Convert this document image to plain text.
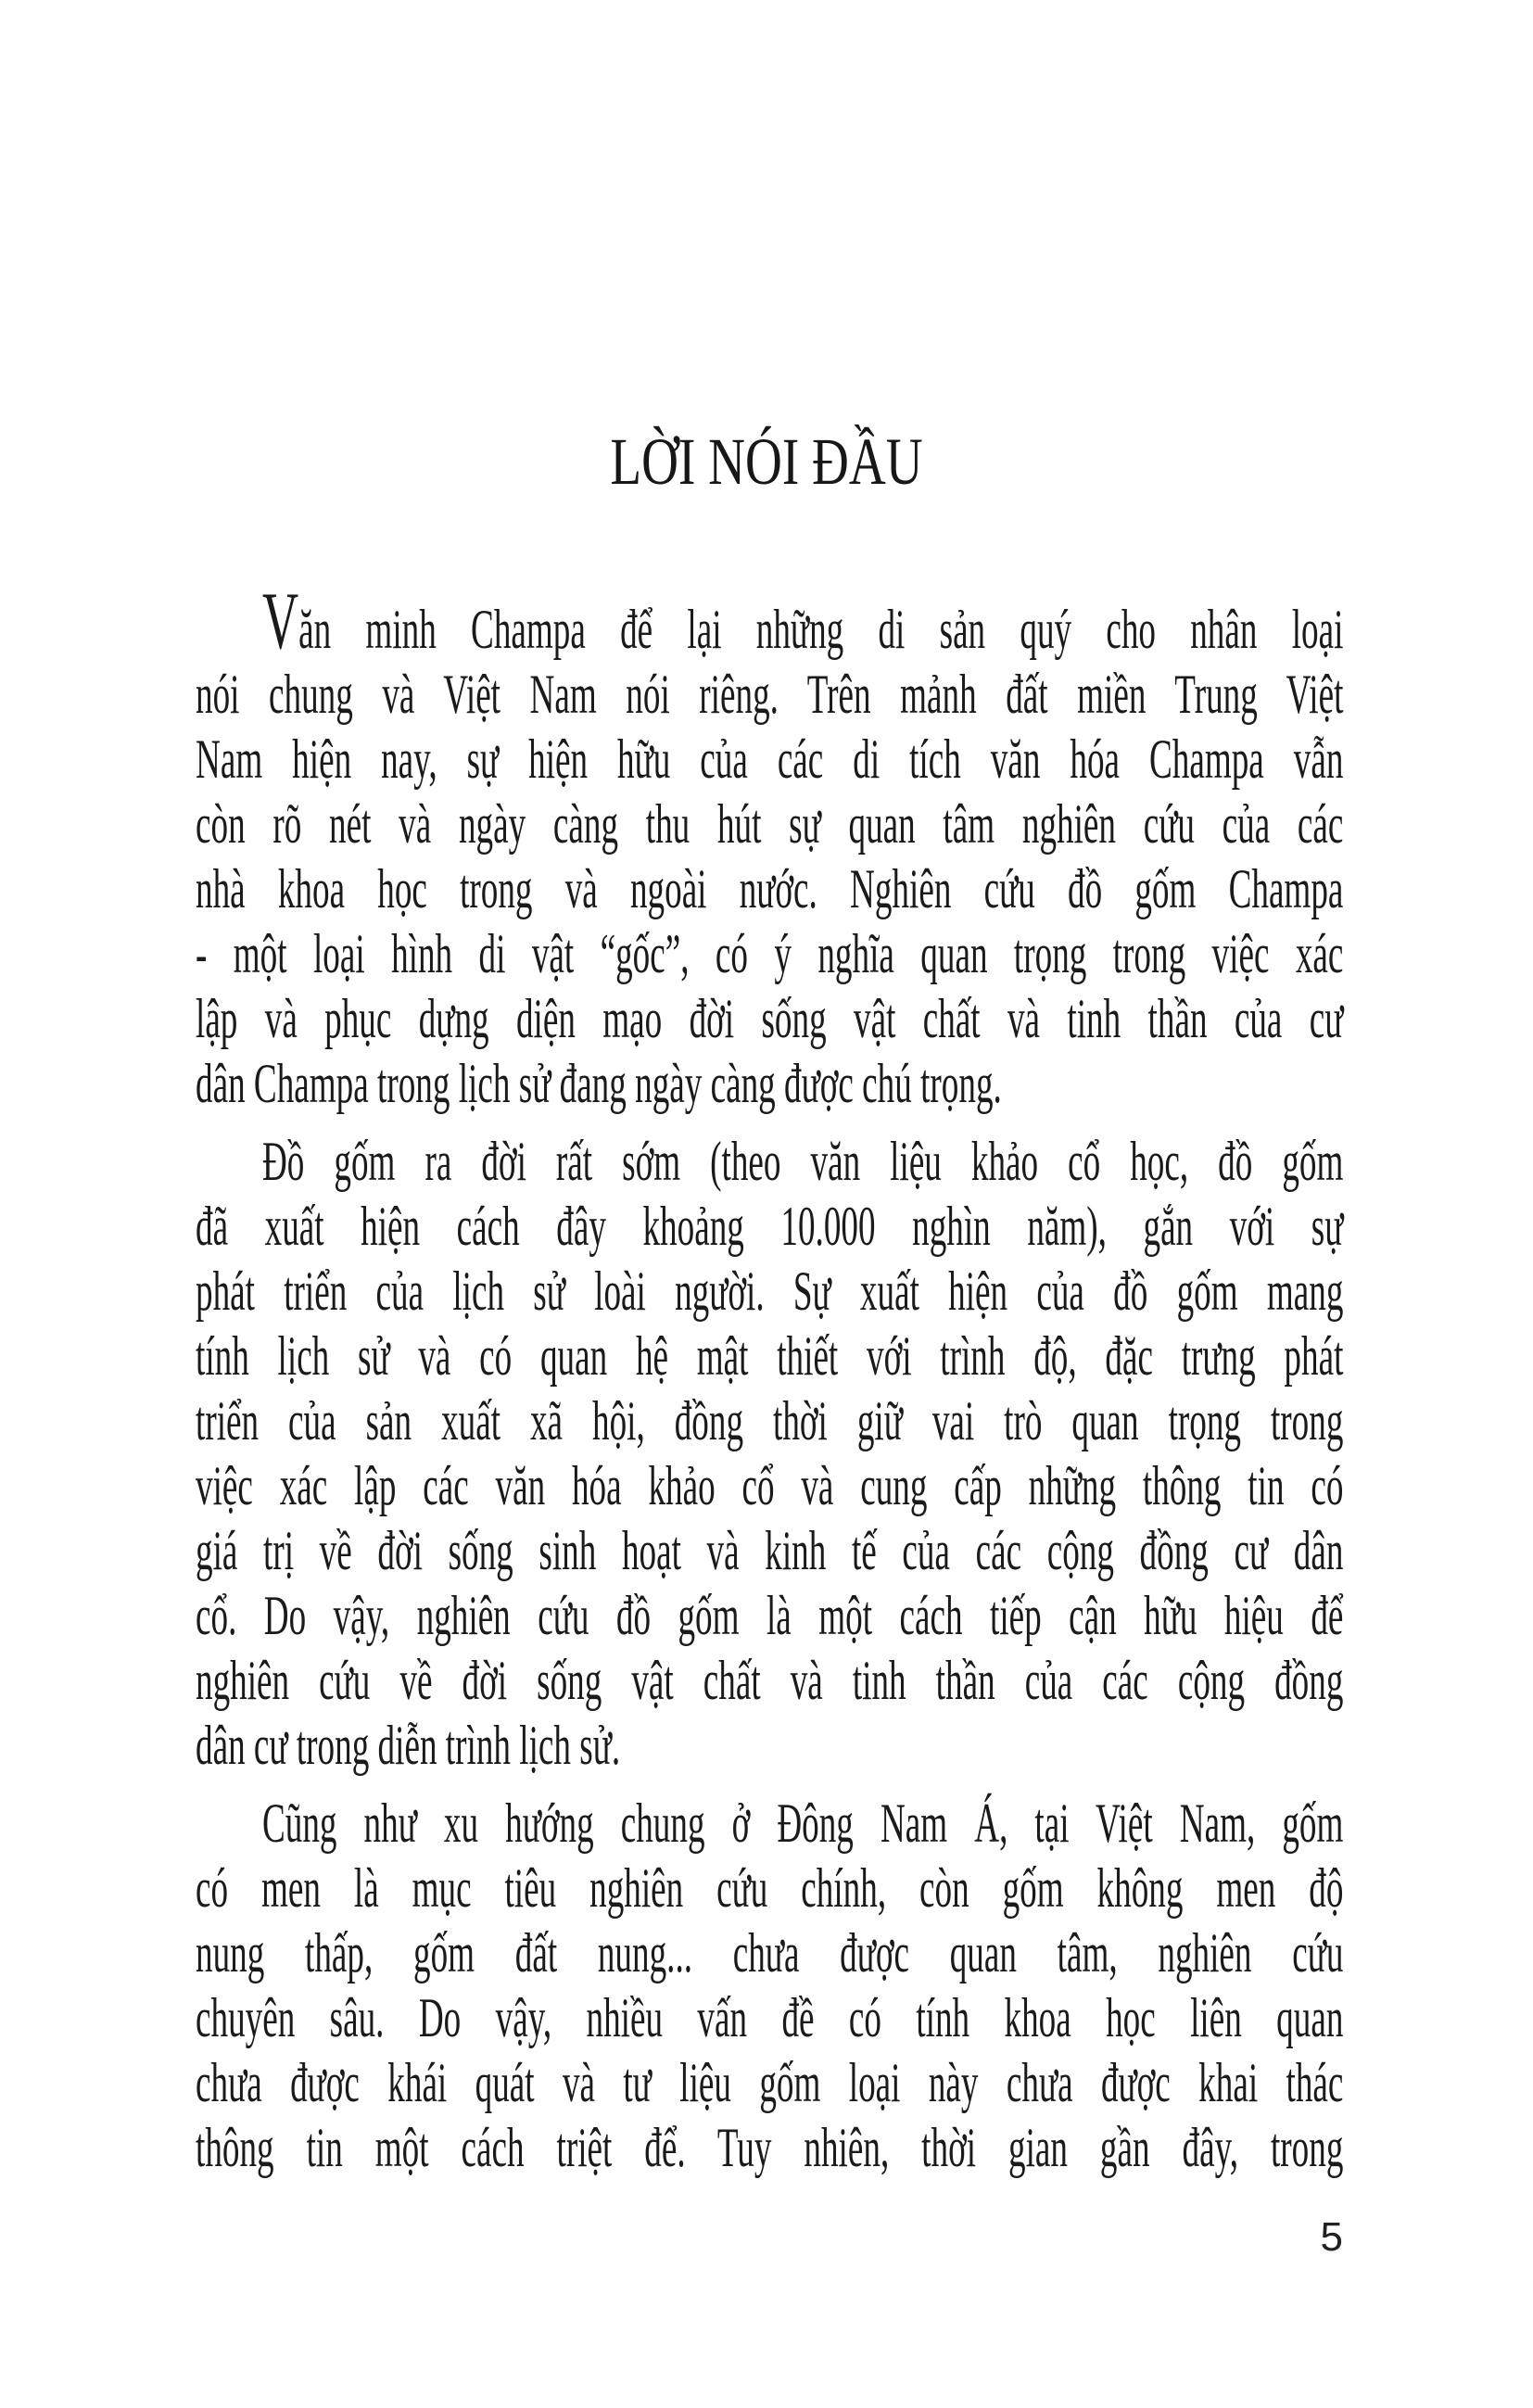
LỜI NÓI ĐẦU
Văn minh Champa để lại những di sản quý cho nhân loại
nói chung và Việt Nam nói riêng. Trên mảnh đất miền Trung Việt
Nam hiện nay, sự hiện hữu của các di tích văn hóa Champa vẫn
còn rõ nét và ngày càng thu hút sự quan tâm nghiên cứu của các
nhà khoa học trong và ngoài nước. Nghiên cứu đồ gốm Champa
- một loại hình di vật “gốc”, có ý nghĩa quan trọng trong việc xác
lập và phục dựng diện mạo đời sống vật chất và tinh thần của cư
dân Champa trong lịch sử đang ngày càng được chú trọng.
Đồ gốm ra đời rất sớm (theo văn liệu khảo cổ học, đồ gốm
đã xuất hiện cách đây khoảng 10.000 nghìn năm), gắn với sự
phát triển của lịch sử loài người. Sự xuất hiện của đồ gốm mang
tính lịch sử và có quan hệ mật thiết với trình độ, đặc trưng phát
triển của sản xuất xã hội, đồng thời giữ vai trò quan trọng trong
việc xác lập các văn hóa khảo cổ và cung cấp những thông tin có
giá trị về đời sống sinh hoạt và kinh tế của các cộng đồng cư dân
cổ. Do vậy, nghiên cứu đồ gốm là một cách tiếp cận hữu hiệu để
nghiên cứu về đời sống vật chất và tinh thần của các cộng đồng
dân cư trong diễn trình lịch sử.
Cũng như xu hướng chung ở Đông Nam Á, tại Việt Nam, gốm
có men là mục tiêu nghiên cứu chính, còn gốm không men độ
nung thấp, gốm đất nung... chưa được quan tâm, nghiên cứu
chuyên sâu. Do vậy, nhiều vấn đề có tính khoa học liên quan
chưa được khái quát và tư liệu gốm loại này chưa được khai thác
thông tin một cách triệt để. Tuy nhiên, thời gian gần đây, trong
5
